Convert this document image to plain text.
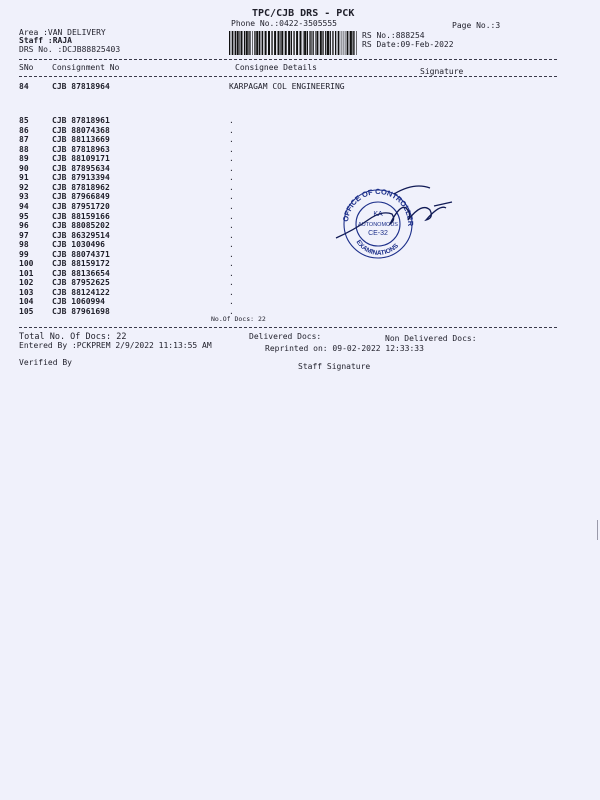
TPC/CJB DRS - PCK
Phone No.:0422-3505555	Page No.:3
Area :VAN DELIVERY
Staff :RAJA
DRS No. :DCJB88825403
RS No.:888254
RS Date:09-Feb-2022
SNo Consignment No	Consignee Details	Signature
84	CJB 87818964	KARPAGAM COL ENGINEERING
85	CJB 87818961	.
86	CJB 88074368	.
87	CJB 88113669	.
88	CJB 87818963	.
89	CJB 88109171	.
90	CJB 87895634	.
91	CJB 87913394	.
92	CJB 87818962	.
93	CJB 87966849	.
94	CJB 87951720	.
95	CJB 88159166	.
96	CJB 88085202	.
97	CJB 86329514	.
98	CJB 1030496	.
99	CJB 88074371	.
100	CJB 88159172	.
101	CJB 88136654	.
102	CJB 87952625	.
103	CJB 88124122	.
104	CJB 1060994	.
105	CJB 87961698	.
No.Of Docs: 22
Total No. Of Docs: 22	Delivered Docs:	Non Delivered Docs:
Entered By :PCKPREM 2/9/2022 11:13:55 AM	Reprinted on: 09-02-2022 12:33:33
Verified By	Staff Signature
OFFICE OF CONTROLLER
EXAMINATIONS
KA
AUTONOMOUS
CE-32
